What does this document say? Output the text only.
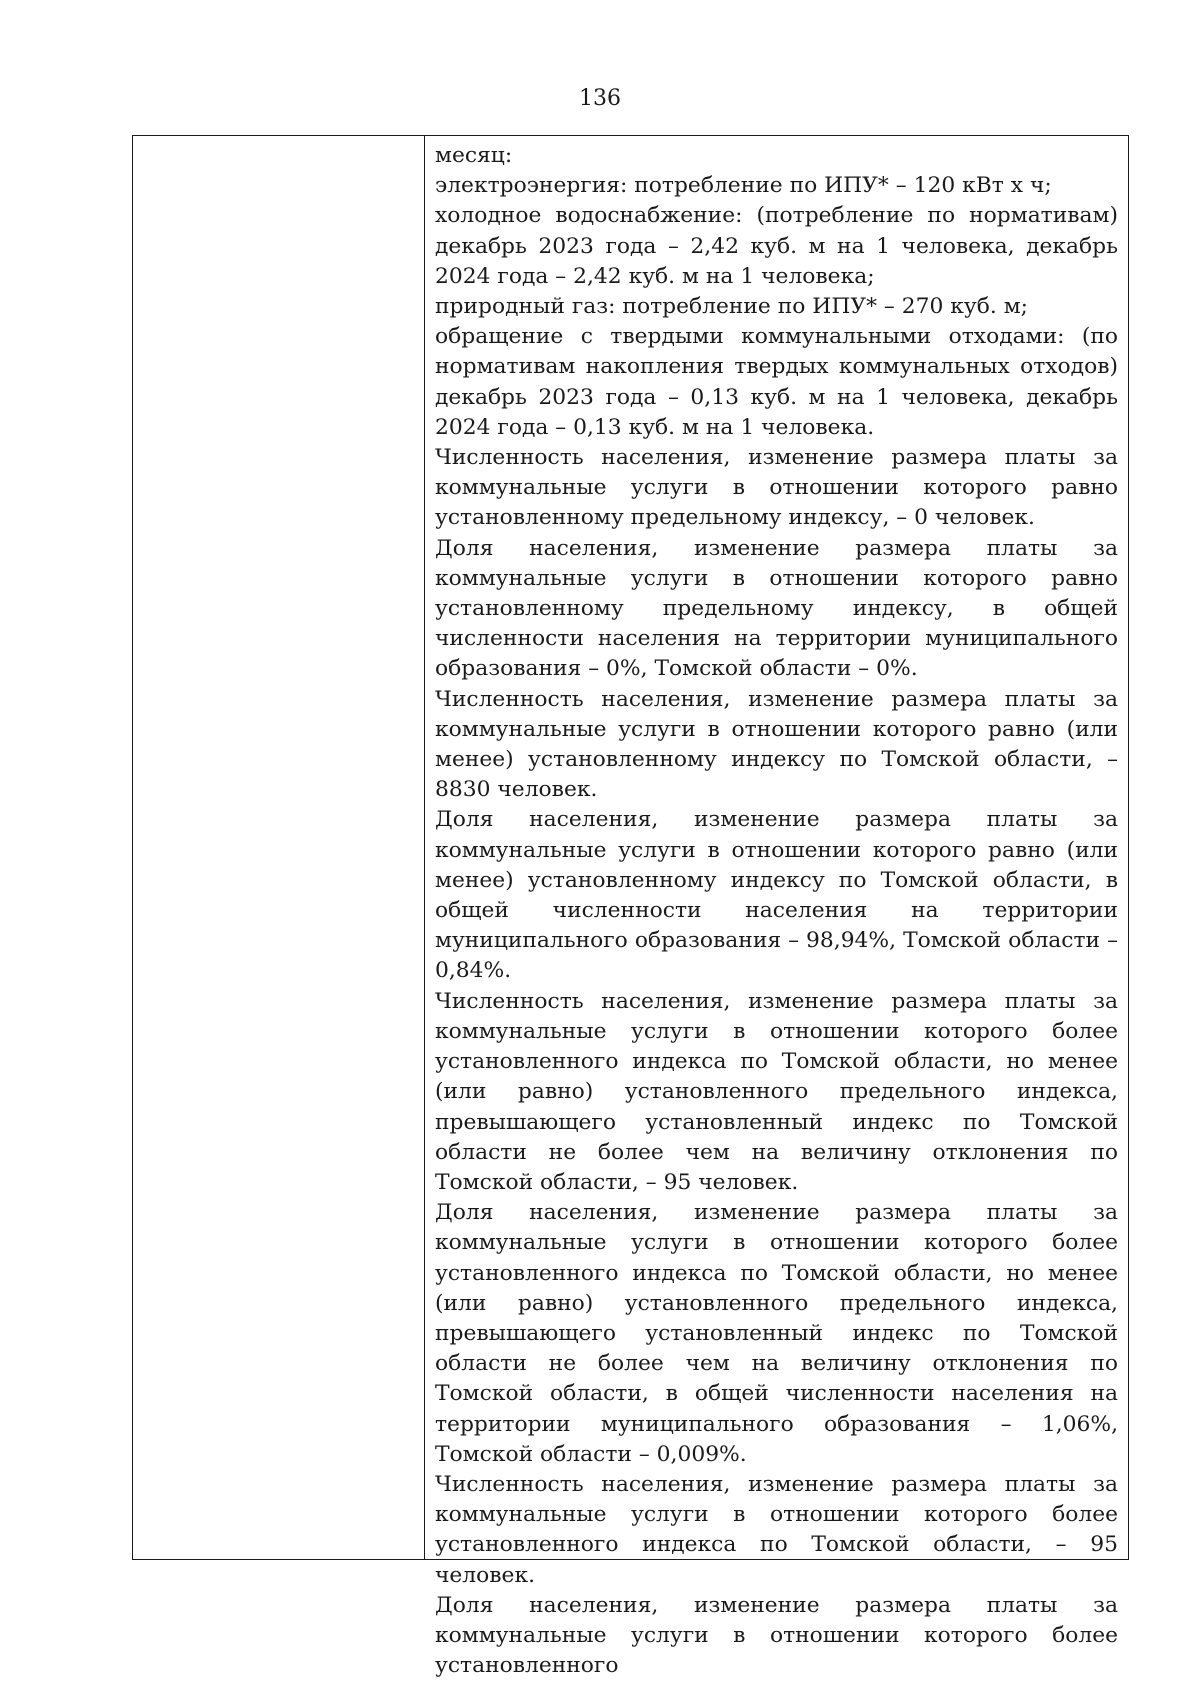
136

месяц:

электроэнергия: потребление по ИПУ* – 120 кВт х ч;

холодное водоснабжение: (потребление по нормативам) декабрь 2023 года – 2,42 куб. м на 1 человека, декабрь 2024 года – 2,42 куб. м на 1 человека;

природный газ: потребление по ИПУ* – 270 куб. м;

обращение с твердыми коммунальными отходами: (по нормативам накопления твердых коммунальных отходов) декабрь 2023 года – 0,13 куб. м на 1 человека, декабрь 2024 года – 0,13 куб. м на 1 человека.

Численность населения, изменение размера платы за коммунальные услуги в отношении которого равно установленному предельному индексу, – 0 человек.

Доля населения, изменение размера платы за коммунальные услуги в отношении которого равно установленному предельному индексу, в общей численности населения на территории муниципального образования – 0%, Томской области – 0%.

Численность населения, изменение размера платы за коммунальные услуги в отношении которого равно (или менее) установленному индексу по Томской области, – 8830 человек.

Доля населения, изменение размера платы за коммунальные услуги в отношении которого равно (или менее) установленному индексу по Томской области, в общей численности населения на территории муниципального образования – 98,94%, Томской области – 0,84%.

Численность населения, изменение размера платы за коммунальные услуги в отношении которого более установленного индекса по Томской области, но менее (или равно) установленного предельного индекса, превышающего установленный индекс по Томской области не более чем на величину отклонения по Томской области, – 95 человек.

Доля населения, изменение размера платы за коммунальные услуги в отношении которого более установленного индекса по Томской области, но менее (или равно) установленного предельного индекса, превышающего установленный индекс по Томской области не более чем на величину отклонения по Томской области, в общей численности населения на территории муниципального образования – 1,06%, Томской области – 0,009%.

Численность населения, изменение размера платы за коммунальные услуги в отношении которого более установленного индекса по Томской области, – 95 человек.

Доля населения, изменение размера платы за коммунальные услуги в отношении которого более установленного
